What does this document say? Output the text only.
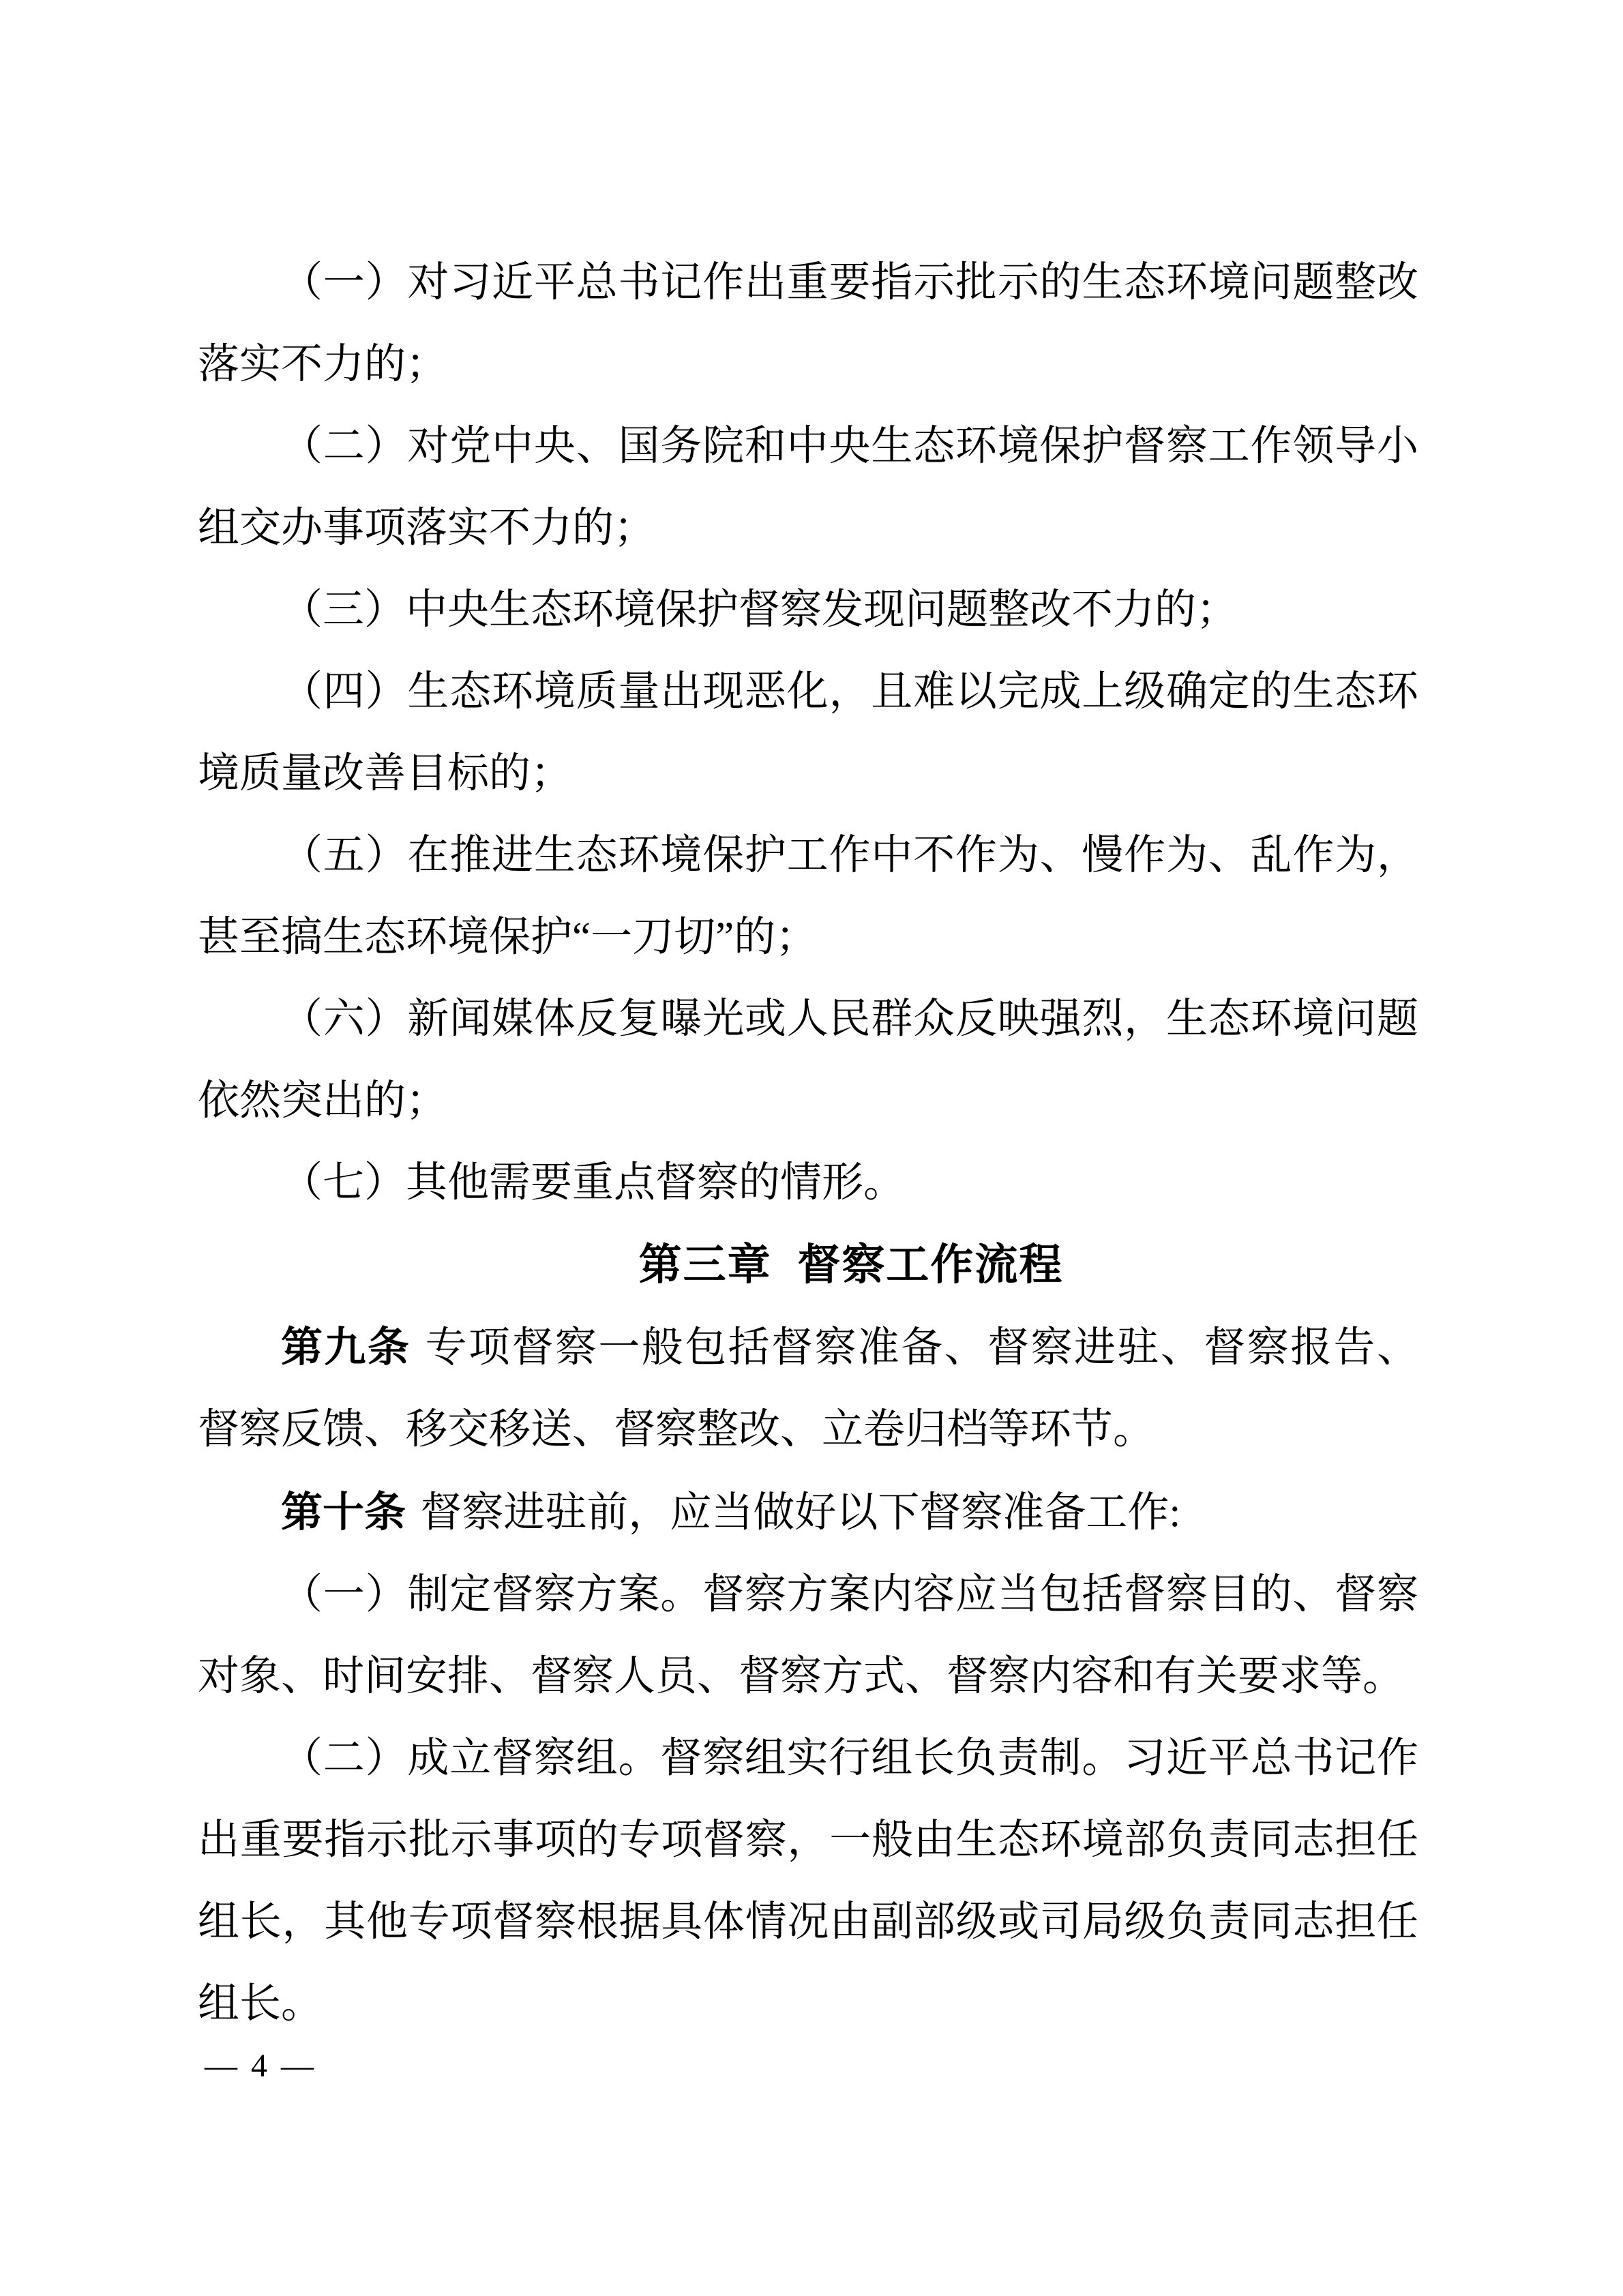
（一）对习近平总书记作出重要指示批示的生态环境问题整改落实不力的；

（二）对党中央、国务院和中央生态环境保护督察工作领导小组交办事项落实不力的；

（三）中央生态环境保护督察发现问题整改不力的；

（四）生态环境质量出现恶化，且难以完成上级确定的生态环境质量改善目标的；

（五）在推进生态环境保护工作中不作为、慢作为、乱作为，甚至搞生态环境保护“一刀切”的；

（六）新闻媒体反复曝光或人民群众反映强烈，生态环境问题依然突出的；

（七）其他需要重点督察的情形。

第三章 督察工作流程

第九条 专项督察一般包括督察准备、督察进驻、督察报告、督察反馈、移交移送、督察整改、立卷归档等环节。

第十条 督察进驻前，应当做好以下督察准备工作:

（一）制定督察方案。督察方案内容应当包括督察目的、督察对象、时间安排、督察人员、督察方式、督察内容和有关要求等。

（二）成立督察组。督察组实行组长负责制。习近平总书记作出重要指示批示事项的专项督察，一般由生态环境部负责同志担任组长，其他专项督察根据具体情况由副部级或司局级负责同志担任组长。

— 4 —
